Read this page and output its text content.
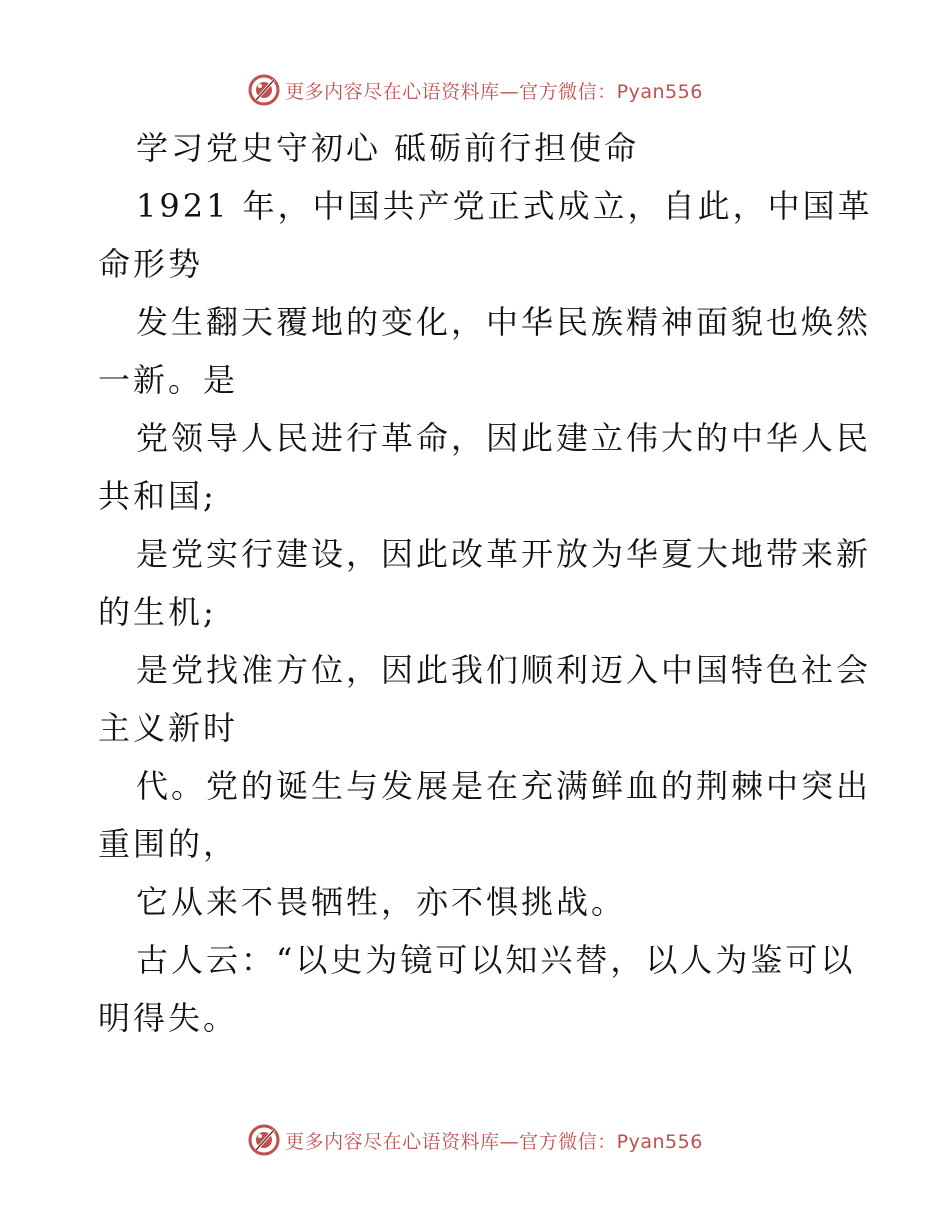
更多内容尽在心语资料库—官方微信：Pyan556
学习党史守初心 砥砺前行担使命
1921 年，中国共产党正式成立，自此，中国革
命形势
发生翻天覆地的变化，中华民族精神面貌也焕然
一新。是
党领导人民进行革命，因此建立伟大的中华人民
共和国;
是党实行建设，因此改革开放为华夏大地带来新
的生机;
是党找准方位，因此我们顺利迈入中国特色社会
主义新时
代。党的诞生与发展是在充满鲜血的荆棘中突出
重围的，
它从来不畏牺牲，亦不惧挑战。
古人云：“以史为镜可以知兴替，以人为鉴可以
明得失。
更多内容尽在心语资料库—官方微信：Pyan556
